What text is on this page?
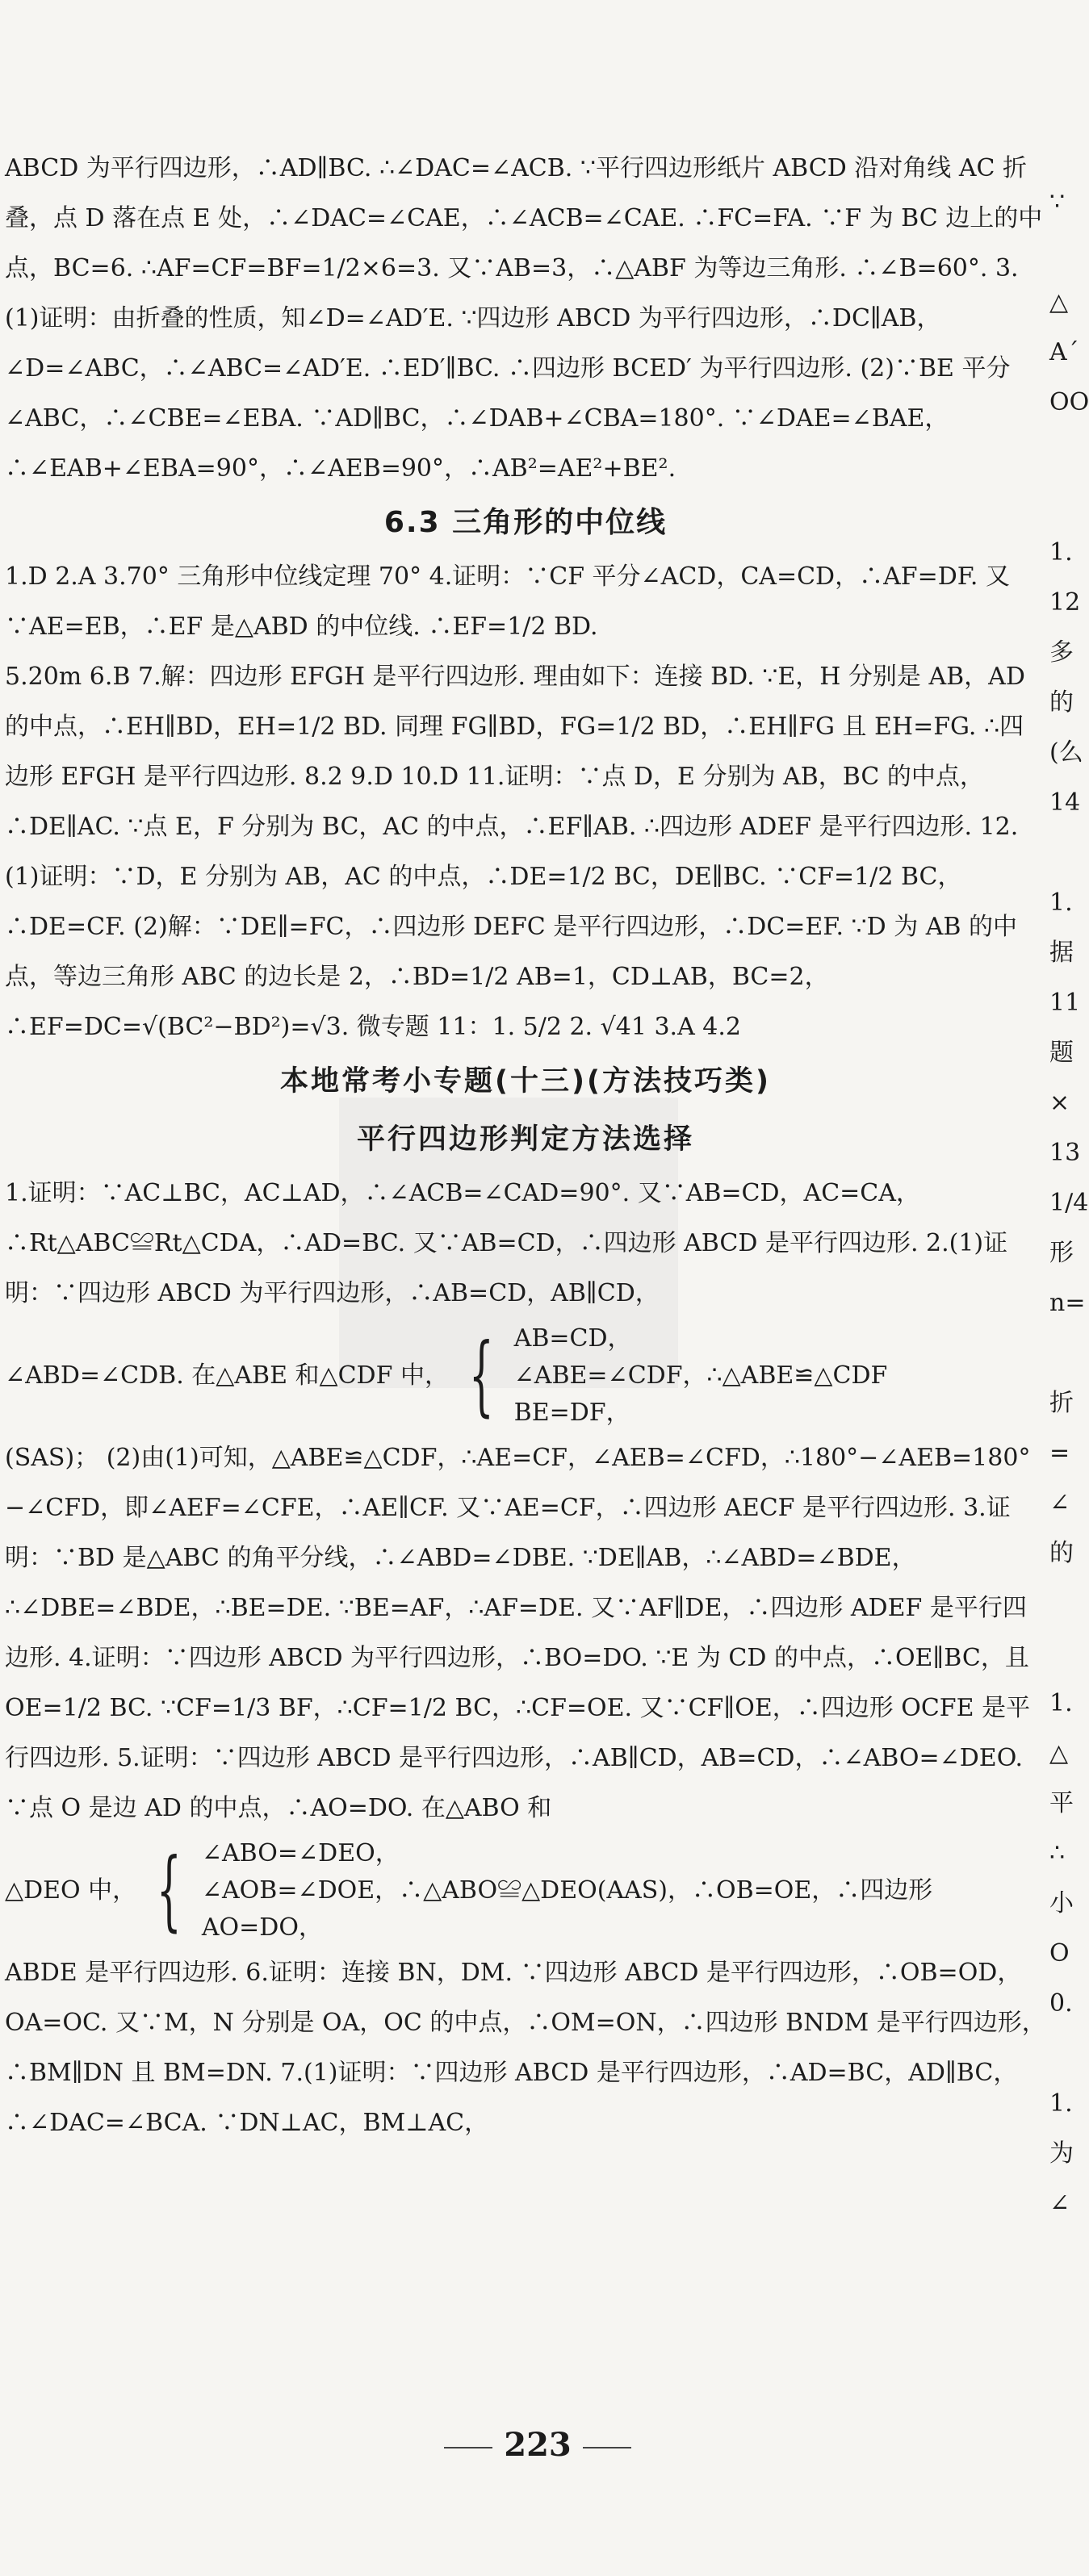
ABCD 为平行四边形，∴AD∥BC. ∴∠DAC=∠ACB. ∵平行四边形纸片 ABCD 沿对角线 AC 折叠，点 D 落在点 E 处，∴∠DAC=∠CAE，∴∠ACB=∠CAE. ∴FC=FA. ∵F 为 BC 边上的中点，BC=6. ∴AF=CF=BF=1/2×6=3. 又∵AB=3，∴△ABF 为等边三角形. ∴∠B=60°. 3.(1)证明：由折叠的性质，知∠D=∠AD′E. ∵四边形 ABCD 为平行四边形，∴DC∥AB，∠D=∠ABC，∴∠ABC=∠AD′E. ∴ED′∥BC. ∴四边形 BCED′ 为平行四边形. (2)∵BE 平分∠ABC，∴∠CBE=∠EBA. ∵AD∥BC，∴∠DAB+∠CBA=180°. ∵∠DAE=∠BAE，∴∠EAB+∠EBA=90°，∴∠AEB=90°，∴AB²=AE²+BE².
6.3 三角形的中位线
1.D 2.A 3.70° 三角形中位线定理 70° 4.证明：∵CF 平分∠ACD，CA=CD，∴AF=DF. 又∵AE=EB，∴EF 是△ABD 的中位线. ∴EF=1/2 BD.
5.20m 6.B 7.解：四边形 EFGH 是平行四边形. 理由如下：连接 BD. ∵E，H 分别是 AB，AD 的中点，∴EH∥BD，EH=1/2 BD. 同理 FG∥BD，FG=1/2 BD，∴EH∥FG 且 EH=FG. ∴四边形 EFGH 是平行四边形. 8.2 9.D 10.D 11.证明：∵点 D，E 分别为 AB，BC 的中点，∴DE∥AC. ∵点 E，F 分别为 BC，AC 的中点，∴EF∥AB. ∴四边形 ADEF 是平行四边形. 12.(1)证明：∵D，E 分别为 AB，AC 的中点，∴DE=1/2 BC，DE∥BC. ∵CF=1/2 BC，∴DE=CF. (2)解：∵DE∥=FC，∴四边形 DEFC 是平行四边形，∴DC=EF. ∵D 为 AB 的中点，等边三角形 ABC 的边长是 2，∴BD=1/2 AB=1，CD⊥AB，BC=2，∴EF=DC=√(BC²−BD²)=√3. 微专题 11：1. 5/2 2. √41 3.A 4.2
本地常考小专题(十三)(方法技巧类)
平行四边形判定方法选择
1.证明：∵AC⊥BC，AC⊥AD，∴∠ACB=∠CAD=90°. 又∵AB=CD，AC=CA，∴Rt△ABC≌Rt△CDA，∴AD=BC. 又∵AB=CD，∴四边形 ABCD 是平行四边形. 2.(1)证明：∵四边形 ABCD 为平行四边形，∴AB=CD，AB∥CD，
∠ABD=∠CDB. 在△ABE 和△CDF 中， { AB=CD，
∠ABE=∠CDF，
BE=DF，
∴△ABE≌△CDF
(SAS)； (2)由(1)可知，△ABE≌△CDF，∴AE=CF，∠AEB=∠CFD，∴180°−∠AEB=180°−∠CFD，即∠AEF=∠CFE，∴AE∥CF. 又∵AE=CF，∴四边形 AECF 是平行四边形. 3.证明：∵BD 是△ABC 的角平分线，∴∠ABD=∠DBE. ∵DE∥AB，∴∠ABD=∠BDE，∴∠DBE=∠BDE，∴BE=DE. ∵BE=AF，∴AF=DE. 又∵AF∥DE，∴四边形 ADEF 是平行四边形. 4.证明：∵四边形 ABCD 为平行四边形，∴BO=DO. ∵E 为 CD 的中点，∴OE∥BC，且 OE=1/2 BC. ∵CF=1/3 BF，∴CF=1/2 BC，∴CF=OE. 又∵CF∥OE，∴四边形 OCFE 是平行四边形. 5.证明：∵四边形 ABCD 是平行四边形，∴AB∥CD，AB=CD，∴∠ABO=∠DEO. ∵点 O 是边 AD 的中点，∴AO=DO. 在△ABO 和
△DEO 中， { ∠ABO=∠DEO，
∠AOB=∠DOE，∴△ABO≌△DEO(AAS)，∴OB=OE，∴四边形
AO=DO，
ABDE 是平行四边形. 6.证明：连接 BN，DM. ∵四边形 ABCD 是平行四边形，∴OB=OD，OA=OC. 又∵M，N 分别是 OA，OC 的中点，∴OM=ON，∴四边形 BNDM 是平行四边形，∴BM∥DN 且 BM=DN. 7.(1)证明：∵四边形 ABCD 是平行四边形，∴AD=BC，AD∥BC，∴∠DAC=∠BCA. ∵DN⊥AC，BM⊥AC，
∵

△
Aˊ
OO

1.
12
多
的
(么
14

1.
据
11
题
×
13
1/4
形
n=

折
=
∠
的

1.
△
平
∴
小
O
0.

1.
为
∠
223
